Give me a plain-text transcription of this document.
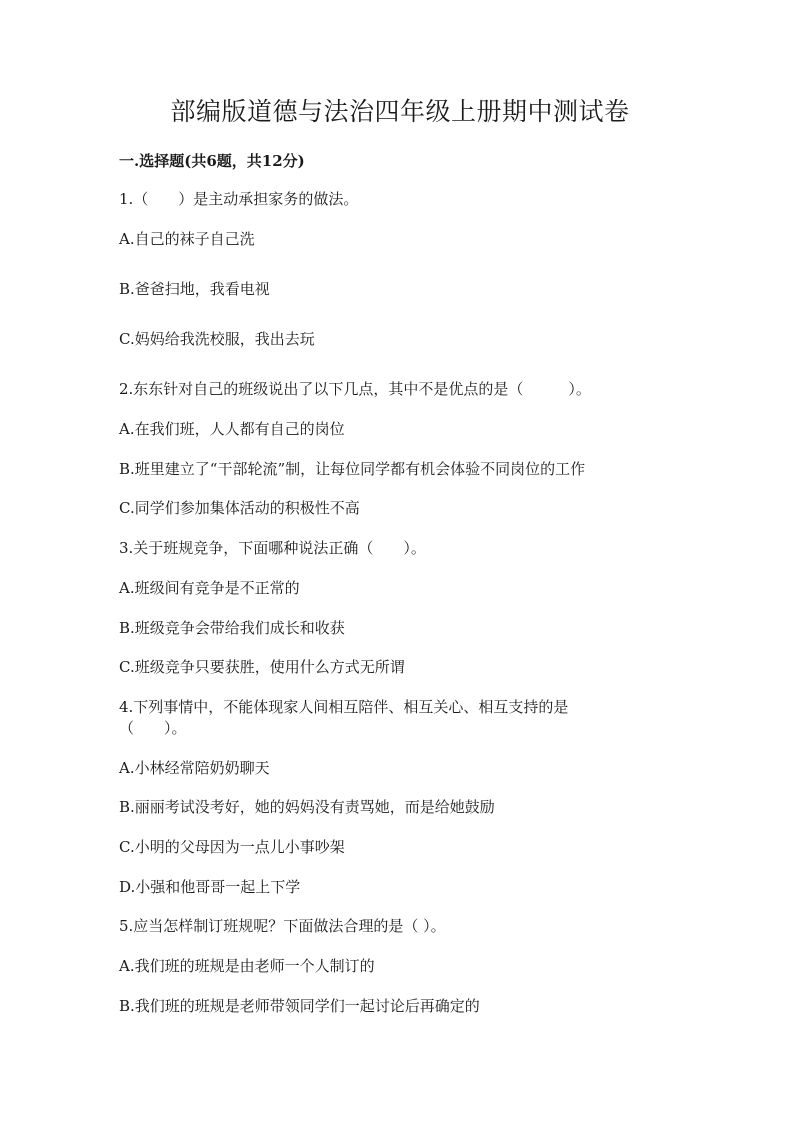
部编版道德与法治四年级上册期中测试卷
一.选择题(共6题，共12分)
1.（　　）是主动承担家务的做法。
A.自己的袜子自己洗
B.爸爸扫地，我看电视
C.妈妈给我洗校服，我出去玩
2.东东针对自己的班级说出了以下几点，其中不是优点的是（　　　）。
A.在我们班，人人都有自己的岗位
B.班里建立了“干部轮流”制，让每位同学都有机会体验不同岗位的工作
C.同学们参加集体活动的积极性不高
3.关于班规竞争，下面哪种说法正确（　　）。
A.班级间有竞争是不正常的
B.班级竞争会带给我们成长和收获
C.班级竞争只要获胜，使用什么方式无所谓
4.下列事情中，不能体现家人间相互陪伴、相互关心、相互支持的是
（　　）。
A.小林经常陪奶奶聊天
B.丽丽考试没考好，她的妈妈没有责骂她，而是给她鼓励
C.小明的父母因为一点儿小事吵架
D.小强和他哥哥一起上下学
5.应当怎样制订班规呢？下面做法合理的是（ ）。
A.我们班的班规是由老师一个人制订的
B.我们班的班规是老师带领同学们一起讨论后再确定的
